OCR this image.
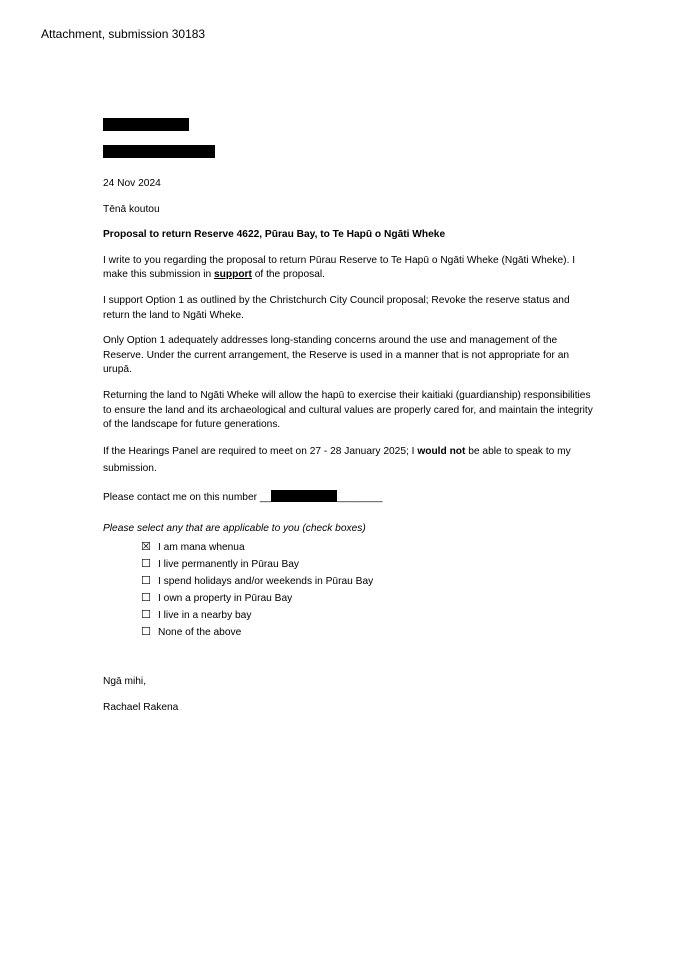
Attachment, submission 30183

24 Nov 2024

Tēnā koutou

Proposal to return Reserve 4622, Pūrau Bay, to Te Hapū o Ngāti Wheke

I write to you regarding the proposal to return Pūrau Reserve to Te Hapū o Ngāti Wheke (Ngāti Wheke). I make this submission in support of the proposal.

I support Option 1 as outlined by the Christchurch City Council proposal; Revoke the reserve status and return the land to Ngāti Wheke.

Only Option 1 adequately addresses long-standing concerns around the use and management of the Reserve. Under the current arrangement, the Reserve is used in a manner that is not appropriate for an urupā.

Returning the land to Ngāti Wheke will allow the hapū to exercise their kaitiaki (guardianship) responsibilities to ensure the land and its archaeological and cultural values are properly cared for, and maintain the integrity of the landscape for future generations.

If the Hearings Panel are required to meet on 27 - 28 January 2025; I would not be able to speak to my submission.

Please contact me on this number __	________

Please select any that are applicable to you (check boxes)

☒ I am mana whenua
☐ I live permanently in Pūrau Bay
☐ I spend holidays and/or weekends in Pūrau Bay
☐ I own a property in Pūrau Bay
☐ I live in a nearby bay
☐ None of the above

Ngā mihi,

Rachael Rakena
